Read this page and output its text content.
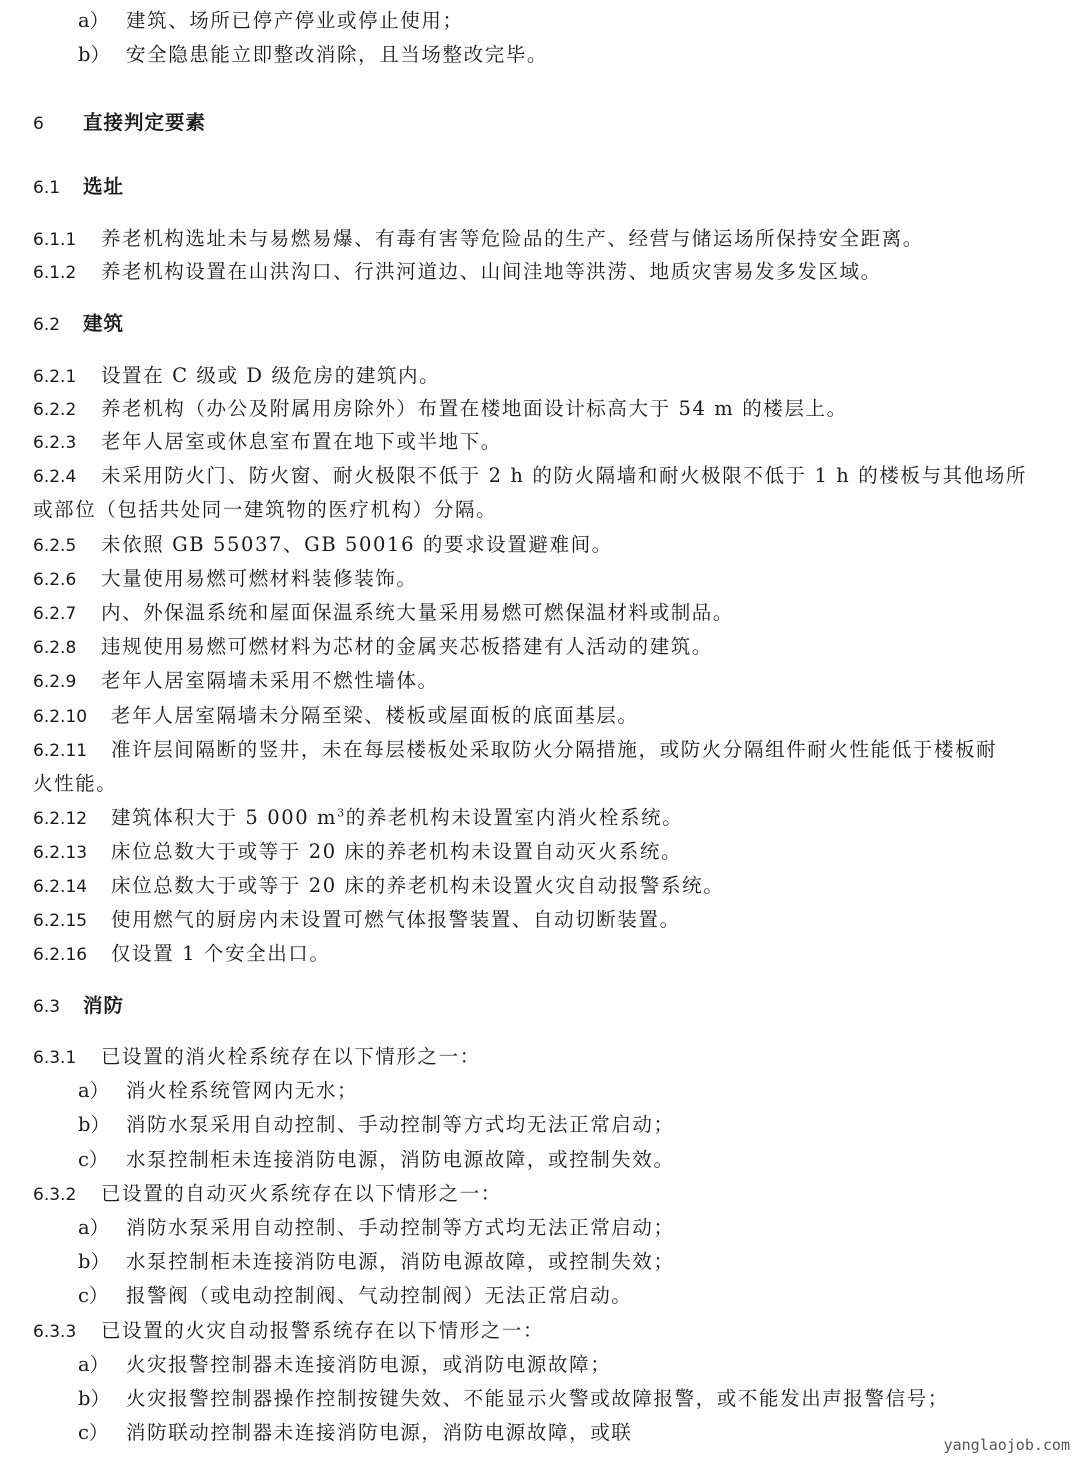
a） 建筑、场所已停产停业或停止使用；
b） 安全隐患能立即整改消除，且当场整改完毕。
6 直接判定要素
6.1 选址
6.1.1 养老机构选址未与易燃易爆、有毒有害等危险品的生产、经营与储运场所保持安全距离。
6.1.2 养老机构设置在山洪沟口、行洪河道边、山间洼地等洪涝、地质灾害易发多发区域。
6.2 建筑
6.2.1 设置在 C 级或 D 级危房的建筑内。
6.2.2 养老机构（办公及附属用房除外）布置在楼地面设计标高大于 54 m 的楼层上。
6.2.3 老年人居室或休息室布置在地下或半地下。
6.2.4 未采用防火门、防火窗、耐火极限不低于 2 h 的防火隔墙和耐火极限不低于 1 h 的楼板与其他场所
或部位（包括共处同一建筑物的医疗机构）分隔。
6.2.5 未依照 GB 55037、GB 50016 的要求设置避难间。
6.2.6 大量使用易燃可燃材料装修装饰。
6.2.7 内、外保温系统和屋面保温系统大量采用易燃可燃保温材料或制品。
6.2.8 违规使用易燃可燃材料为芯材的金属夹芯板搭建有人活动的建筑。
6.2.9 老年人居室隔墙未采用不燃性墙体。
6.2.10 老年人居室隔墙未分隔至梁、楼板或屋面板的底面基层。
6.2.11 准许层间隔断的竖井，未在每层楼板处采取防火分隔措施，或防火分隔组件耐火性能低于楼板耐
火性能。
6.2.12 建筑体积大于 5 000 $m^3$的养老机构未设置室内消火栓系统。
6.2.13 床位总数大于或等于 20 床的养老机构未设置自动灭火系统。
6.2.14 床位总数大于或等于 20 床的养老机构未设置火灾自动报警系统。
6.2.15 使用燃气的厨房内未设置可燃气体报警装置、自动切断装置。
6.2.16 仅设置 1 个安全出口。
6.3 消防
6.3.1 已设置的消火栓系统存在以下情形之一：
a） 消火栓系统管网内无水；
b） 消防水泵采用自动控制、手动控制等方式均无法正常启动；
c） 水泵控制柜未连接消防电源，消防电源故障，或控制失效。
6.3.2 已设置的自动灭火系统存在以下情形之一：
a） 消防水泵采用自动控制、手动控制等方式均无法正常启动；
b） 水泵控制柜未连接消防电源，消防电源故障，或控制失效；
c） 报警阀（或电动控制阀、气动控制阀）无法正常启动。
6.3.3 已设置的火灾自动报警系统存在以下情形之一：
a） 火灾报警控制器未连接消防电源，或消防电源故障；
b） 火灾报警控制器操作控制按键失效、不能显示火警或故障报警，或不能发出声报警信号；
c） 消防联动控制器未连接消防电源，消防电源故障，或联
yanglaojob.com
